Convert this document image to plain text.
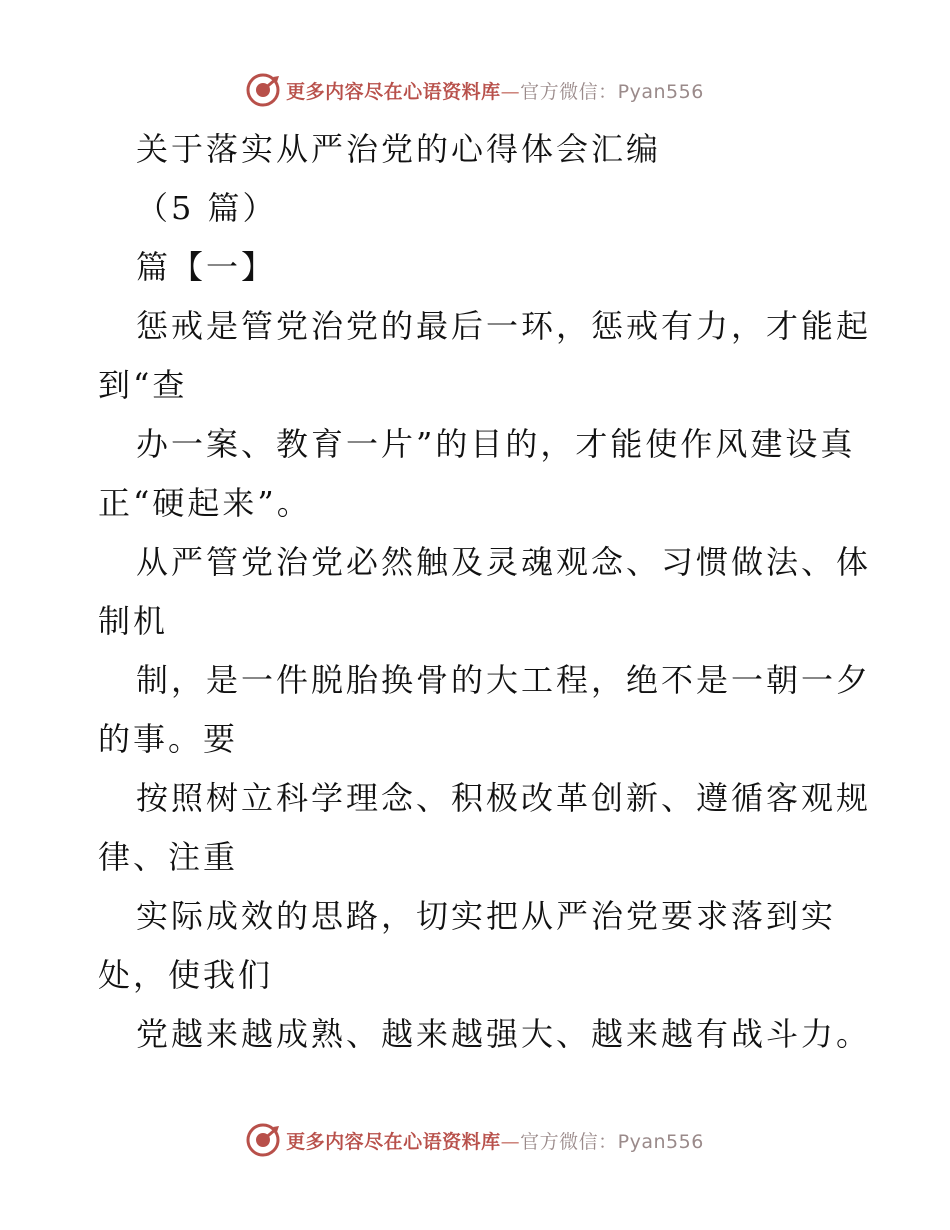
更多内容尽在心语资料库—官方微信：Pyan556
关于落实从严治党的心得体会汇编
（5 篇）
篇【一】
惩戒是管党治党的最后一环，惩戒有力，才能起
到“查
办一案、教育一片”的目的，才能使作风建设真
正“硬起来”。
从严管党治党必然触及灵魂观念、习惯做法、体
制机
制，是一件脱胎换骨的大工程，绝不是一朝一夕
的事。要
按照树立科学理念、积极改革创新、遵循客观规
律、注重
实际成效的思路，切实把从严治党要求落到实
处，使我们
党越来越成熟、越来越强大、越来越有战斗力。
更多内容尽在心语资料库—官方微信：Pyan556
